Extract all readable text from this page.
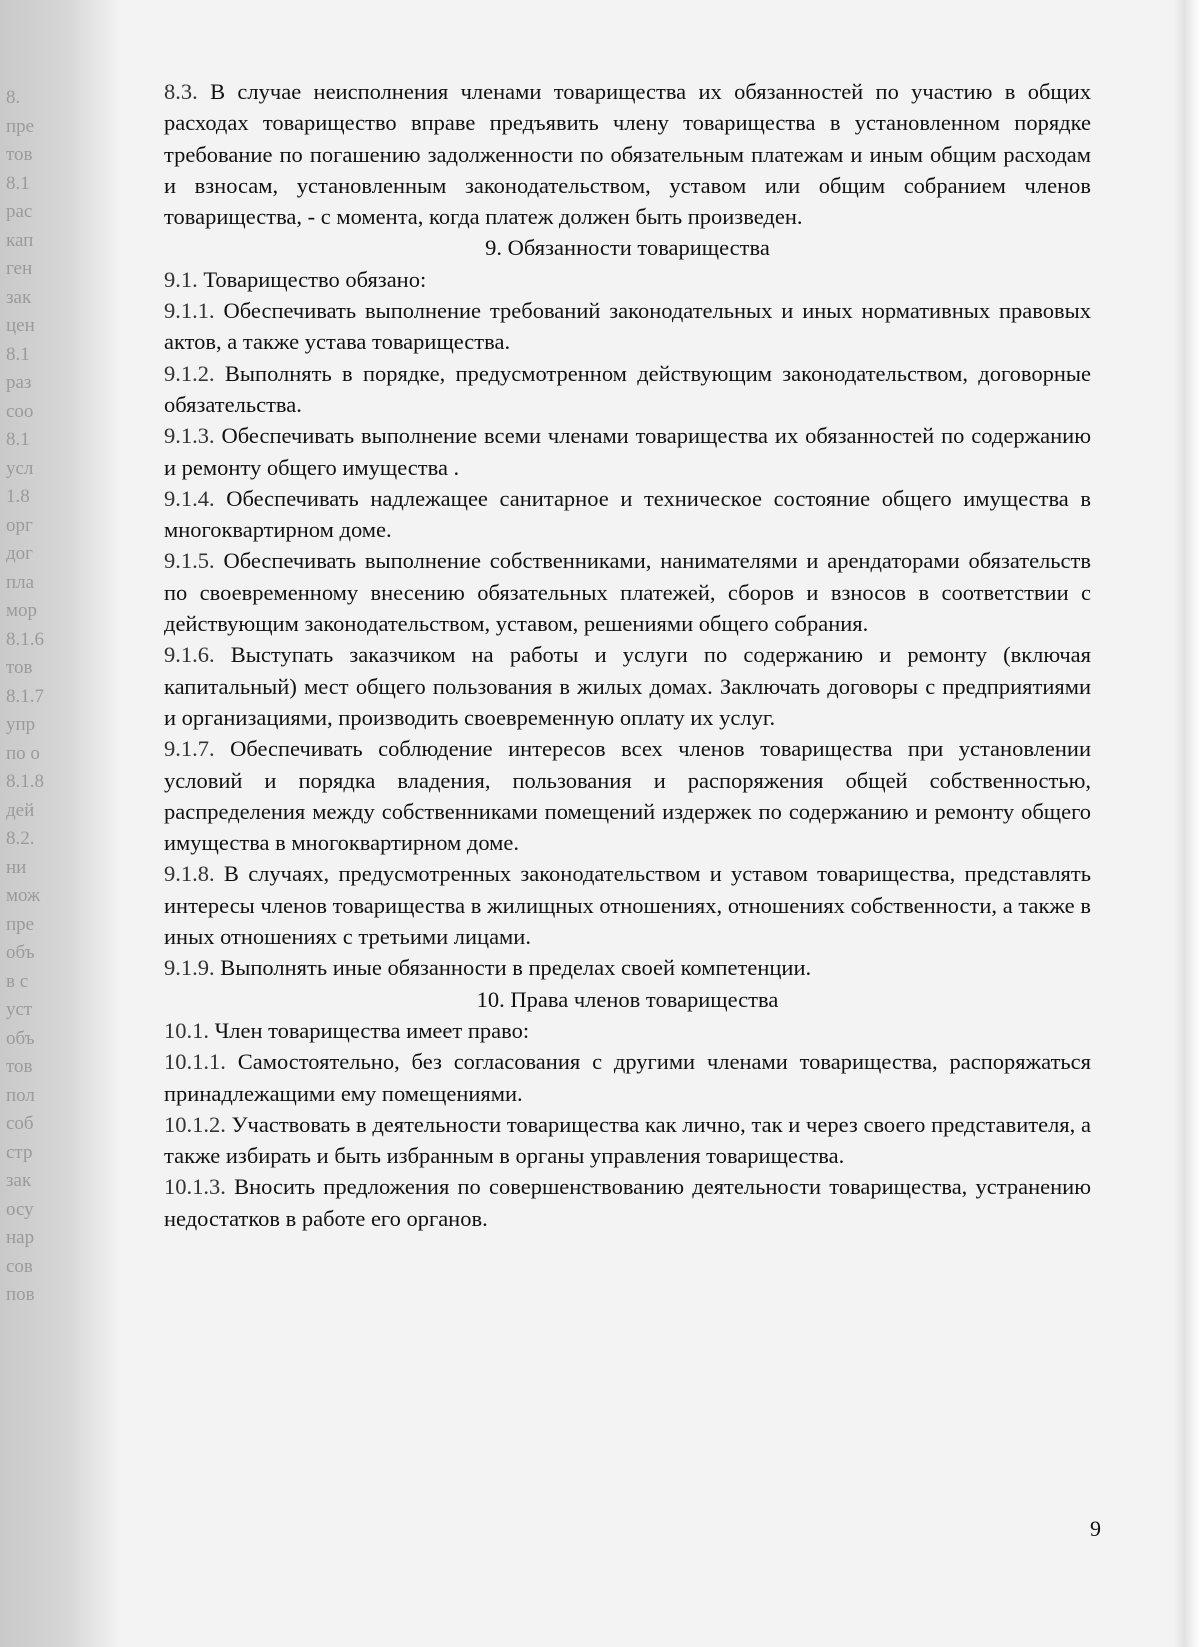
8.
пре
тов
8.1
рас
кап
ген
зак
цен
8.1
раз
coo
8.1
усл
1.8
орг
дог
пла
мор
8.1.6
тов
8.1.7
упр
по о
8.1.8
дей
8.2.
ни
мож
пре
объ
в с
уст
объ
тов
пол
соб
стр
зак
осу
нар
сов
пов

8.3. В случае неисполнения членами товарищества их обязанностей по участию в общих расходах товарищество вправе предъявить члену товарищества в установленном порядке требование по погашению задолженности по обязательным платежам и иным общим расходам и взносам, установленным законодательством, уставом или общим собранием членов товарищества, - с момента, когда платеж должен быть произведен.

9. Обязанности товарищества

9.1. Товарищество обязано:

9.1.1. Обеспечивать выполнение требований законодательных и иных нормативных правовых актов, а также устава товарищества.

9.1.2. Выполнять в порядке, предусмотренном действующим законодательством, договорные обязательства.

9.1.3. Обеспечивать выполнение всеми членами товарищества их обязанностей по содержанию и ремонту общего имущества .

9.1.4. Обеспечивать надлежащее санитарное и техническое состояние общего имущества в многоквартирном доме.

9.1.5. Обеспечивать выполнение собственниками, нанимателями и арендаторами обязательств по своевременному внесению обязательных платежей, сборов и взносов в соответствии с действующим законодательством, уставом, решениями общего собрания.

9.1.6. Выступать заказчиком на работы и услуги по содержанию и ремонту (включая капитальный) мест общего пользования в жилых домах. Заключать договоры с предприятиями и организациями, производить своевременную оплату их услуг.

9.1.7. Обеспечивать соблюдение интересов всех членов товарищества при установлении условий и порядка владения, пользования и распоряжения общей собственностью, распределения между собственниками помещений издержек по содержанию и ремонту общего имущества в многоквартирном доме.

9.1.8. В случаях, предусмотренных законодательством и уставом товарищества, представлять интересы членов товарищества в жилищных отношениях, отношениях собственности, а также в иных отношениях с третьими лицами.

9.1.9. Выполнять иные обязанности в пределах своей компетенции.

10. Права членов товарищества

10.1. Член товарищества имеет право:

10.1.1. Самостоятельно, без согласования с другими членами товарищества, распоряжаться принадлежащими ему помещениями.

10.1.2. Участвовать в деятельности товарищества как лично, так и через своего представителя, а также избирать и быть избранным в органы управления товарищества.

10.1.3. Вносить предложения по совершенствованию деятельности товарищества, устранению недостатков в работе его органов.

9
